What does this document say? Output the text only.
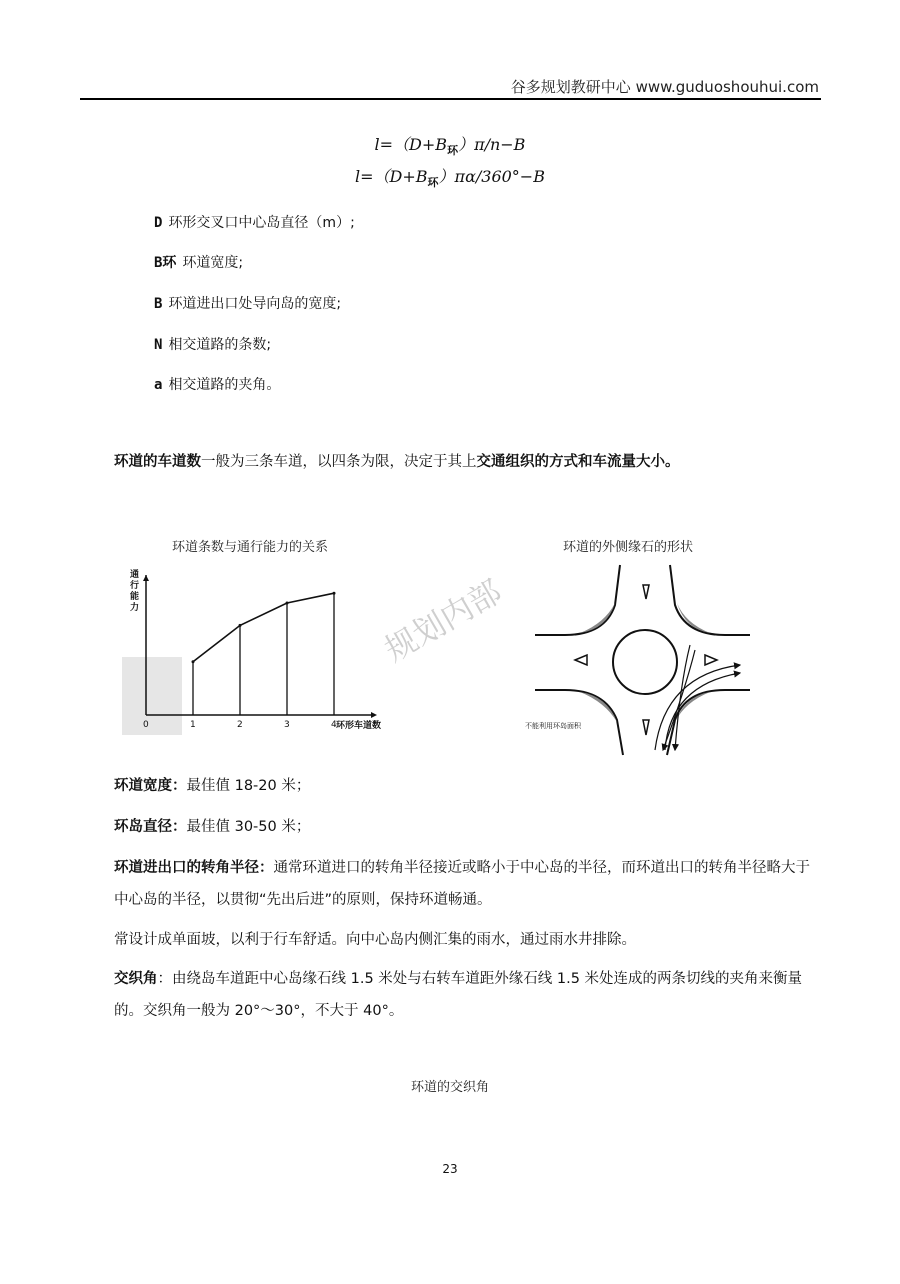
谷多规划教研中心 www.guduoshouhui.com
$l=(D+B_环)\pi/n-B$
$l=(D+B_环)\pi\alpha/360^\circ-B$
D 环形交叉口中心岛直径（m）;
B环 环道宽度;
B 环道进出口处导向岛的宽度;
N 相交道路的条数;
a 相交道路的夹角。
环道的车道数一般为三条车道，以四条为限，决定于其上交通组织的方式和车流量大小。
环道条数与通行能力的关系	环道的外侧缘石的形状
0	1	2	3	4
通行能力
环形车道数
规划内部
不能利用环岛面积
环道宽度：最佳值 18-20 米；
环岛直径：最佳值 30-50 米；
环道进出口的转角半径：通常环道进口的转角半径接近或略小于中心岛的半径，而环道出口的转角半径略大于中心岛的半径，以贯彻“先出后进”的原则，保持环道畅通。
常设计成单面坡，以利于行车舒适。向中心岛内侧汇集的雨水，通过雨水井排除。
交织角：由绕岛车道距中心岛缘石线 1.5 米处与右转车道距外缘石线 1.5 米处连成的两条切线的夹角来衡量的。交织角一般为 20°～30°，不大于 40°。
环道的交织角
23
